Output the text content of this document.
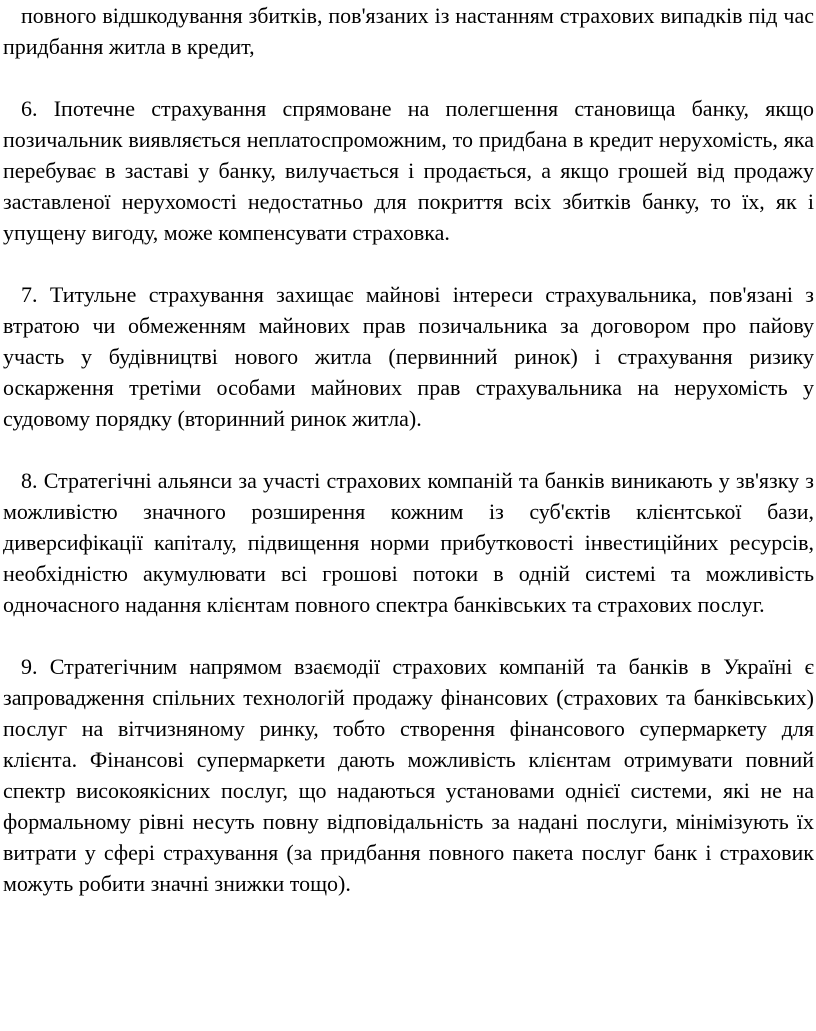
повного відшкодування збитків, пов'язаних із настанням страхових випадків під час придбання житла в кредит,

6. Іпотечне страхування спрямоване на полегшення становища банку, якщо позичальник виявляється неплатоспроможним, то придбана в кредит нерухомість, яка перебуває в заставі у банку, вилучається і продається, а якщо грошей від продажу заставленої нерухомості недостатньо для покриття всіх збитків банку, то їх, як і упущену вигоду, може компенсувати страховка.

7. Титульне страхування захищає майнові інтереси страхувальника, пов'язані з втратою чи обмеженням майнових прав позичальника за договором про пайову участь у будівництві нового житла (первинний ринок) і страхування ризику оскарження третіми особами майнових прав страхувальника на нерухомість у судовому порядку (вторинний ринок житла).

8. Стратегічні альянси за участі страхових компаній та банків виникають у зв'язку з можливістю значного розширення кожним із суб'єктів клієнтської бази, диверсифікації капіталу, підвищення норми прибутковості інвестиційних ресурсів, необхідністю акумулювати всі грошові потоки в одній системі та можливість одночасного надання клієнтам повного спектра банківських та страхових послуг.

9. Стратегічним напрямом взаємодії страхових компаній та банків в Україні є запровадження спільних технологій продажу фінансових (страхових та банківських) послуг на вітчизняному ринку, тобто створення фінансового супермаркету для клієнта. Фінансові супермаркети дають можливість клієнтам отримувати повний спектр високоякісних послуг, що надаються установами однієї системи, які не на формальному рівні несуть повну відповідальність за надані послуги, мінімізують їх витрати у сфері страхування (за придбання повного пакета послуг банк і страховик можуть робити значні знижки тощо).
